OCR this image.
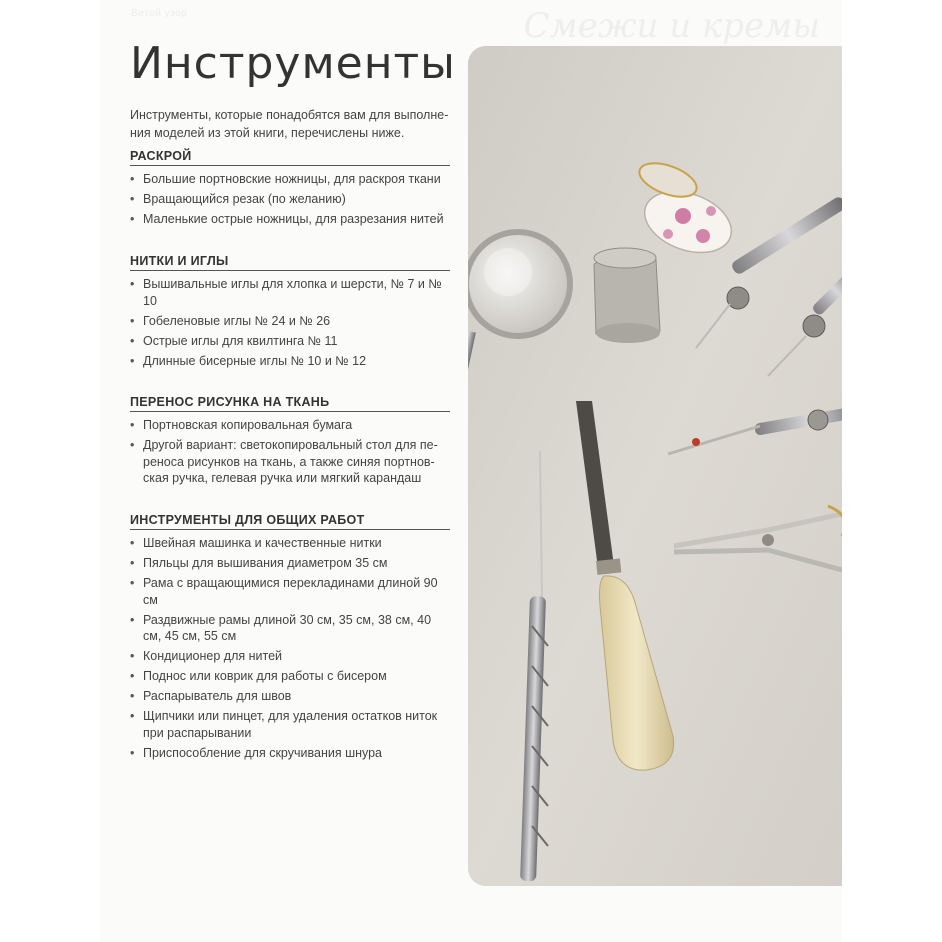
Витой узор	Смежи и кремы
Инструменты
Инструменты, которые понадобятся вам для выполне-ния моделей из этой книги, перечислены ниже.
РАСКРОЙ
• Большие портновские ножницы, для раскроя ткани
• Вращающийся резак (по желанию)
• Маленькие острые ножницы, для разрезания нитей
НИТКИ И ИГЛЫ
• Вышивальные иглы для хлопка и шерсти, № 7 и № 10
• Гобеленовые иглы № 24 и № 26
• Острые иглы для квилтинга № 11
• Длинные бисерные иглы № 10 и № 12
ПЕРЕНОС РИСУНКА НА ТКАНЬ
• Портновская копировальная бумага
• Другой вариант: светокопировальный стол для пе-реноса рисунков на ткань, а также синяя портнов-ская ручка, гелевая ручка или мягкий карандаш
ИНСТРУМЕНТЫ ДЛЯ ОБЩИХ РАБОТ
• Швейная машинка и качественные нитки
• Пяльцы для вышивания диаметром 35 см
• Рама с вращающимися перекладинами длиной 90 см
• Раздвижные рамы длиной 30 см, 35 см, 38 см, 40 см, 45 см, 55 см
• Кондиционер для нитей
• Поднос или коврик для работы с бисером
• Распарыватель для швов
• Щипчики или пинцет, для удаления остатков ниток при распарывании
• Приспособление для скручивания шнура
